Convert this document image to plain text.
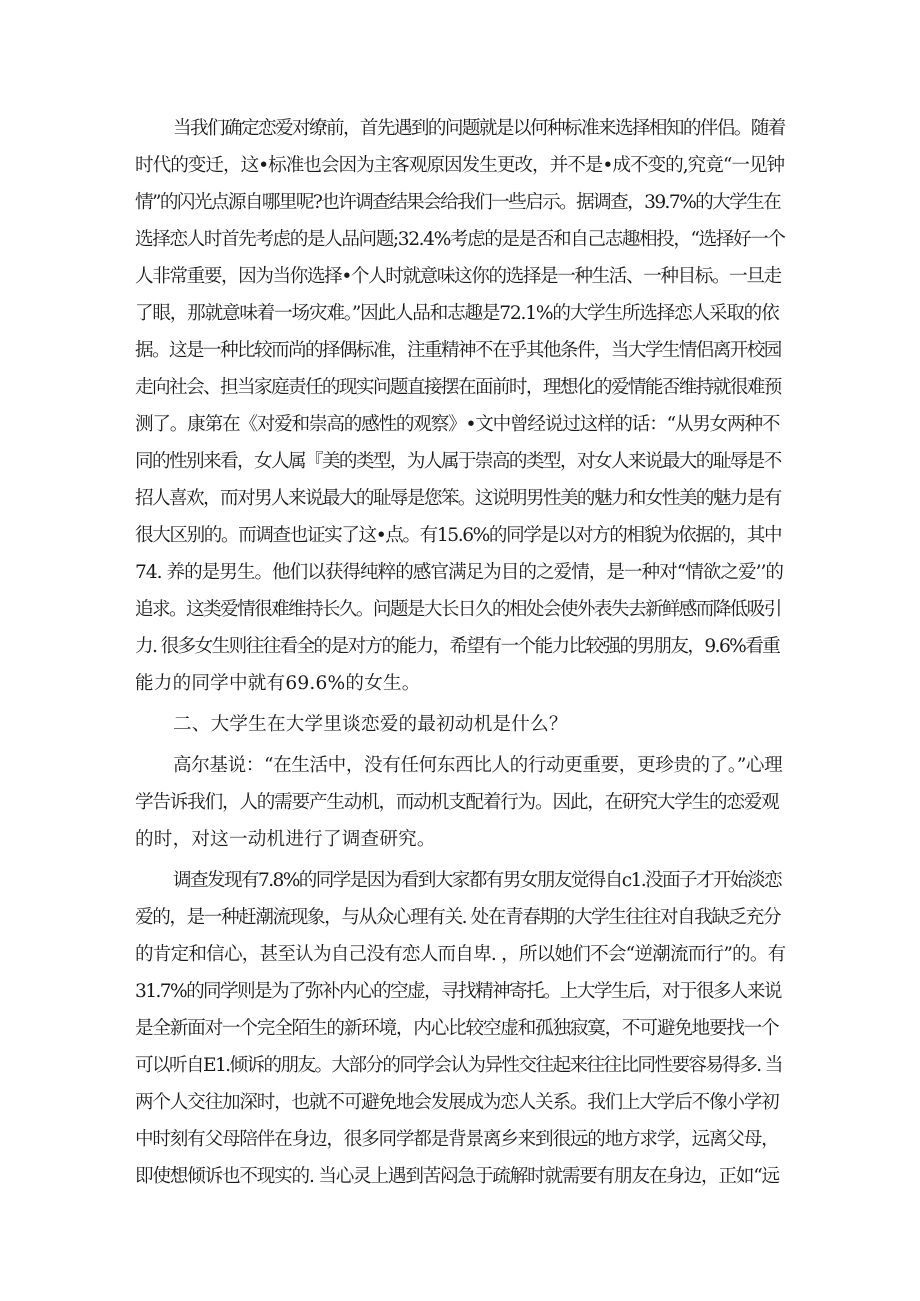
当我们确定恋爱对缭前，首先遇到的问题就是以何种标准来选择相知的伴侣。随着
时代的变迁，这•标准也会因为主客观原因发生更改，并不是•成不变的,究竟“一见钟
情”的闪光点源自哪里呢?也许调查结果会给我们一些启示。据调查，39.7%的大学生在
选择恋人时首先考虑的是人品问题;32.4%考虑的是是否和自己志趣相投，“选择好一个
人非常重要，因为当你选择•个人时就意味这你的选择是一种生活、一种目标。一旦走
了眼，那就意味着一场灾难。”因此人品和志趣是72.1%的大学生所选择恋人采取的依
据。这是一种比较而尚的择偶标准，注重精神不在乎其他条件，当大学生情侣离开校园
走向社会、担当家庭责任的现实问题直接摆在面前时，理想化的爱情能否维持就很难预
测了。康第在《对爱和崇高的感性的观察》•文中曾经说过这样的话：“从男女两种不
同的性别来看，女人属『美的类型，为人属于崇高的类型，对女人来说最大的耻辱是不
招人喜欢，而对男人来说最大的耻辱是您笨。这说明男性美的魅力和女性美的魅力是有
很大区别的。而调查也证实了这•点。有15.6%的同学是以对方的相貌为依据的，其中
74. 养的是男生。他们以获得纯粹的感官满足为目的之爱情，是一种对“情欲之爱’’的
追求。这类爱情很难维持长久。问题是大长日久的相处会使外表失去新鲜感而降低吸引
力. 很多女生则往往看全的是对方的能力，希望有一个能力比较强的男朋友，9.6%看重
能力的同学中就有69.6%的女生。
二、大学生在大学里谈恋爱的最初动机是什么？
高尔基说：“在生活中，没有任何东西比人的行动更重要，更珍贵的了。”心理
学告诉我们，人的需要产生动机，而动机支配着行为。因此，在研究大学生的恋爱观
的时，对这一动机进行了调查研究。
调查发现有7.8%的同学是因为看到大家都有男女朋友觉得自c1.没面子才开始淡恋
爱的，是一种赶潮流现象，与从众心理有关. 处在青春期的大学生往往对自我缺乏充分
的肯定和信心，甚至认为自己没有恋人而自卑. ，所以她们不会“逆潮流而行”的。有
31.7%的同学则是为了弥补内心的空虚，寻找精神寄托。上大学生后，对于很多人来说
是全新面对一个完全陌生的新环境，内心比较空虚和孤独寂寞，不可避免地要找一个
可以听自E1.倾诉的朋友。大部分的同学会认为异性交往起来往往比同性要容易得多. 当
两个人交往加深时，也就不可避免地会发展成为恋人关系。我们上大学后不像小学初
中时刻有父母陪伴在身边，很多同学都是背景离乡来到很远的地方求学，远离父母，
即使想倾诉也不现实的. 当心灵上遇到苦闷急于疏解时就需要有朋友在身边，正如“远
